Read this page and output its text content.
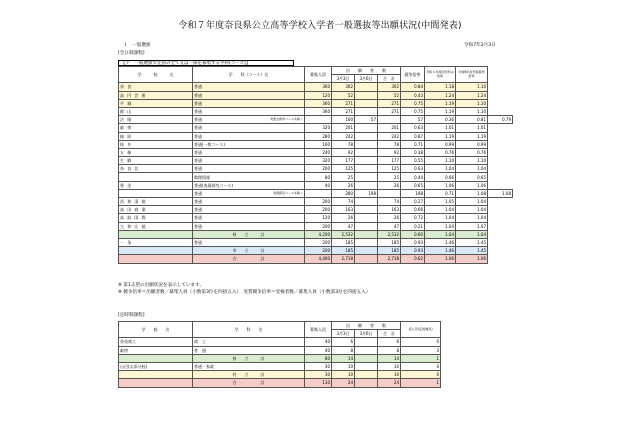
令和７年度奈良県公立高等学校入学者一般選抜等出願状況(中間発表)
１　一般選抜	令和7年2月3日
[全日制課程]
【ア　一般選抜で定員の全て又は一部を募集する学科(コース)】
学　　　校　　　名	学　　科（コース）名	募集人員	出　　願　　者　　数	競争倍率	令和６年度同学科の倍率	令和6年度実質競争倍率
3月3日	3月6日	合　計
奈良	普通	360	302		302	0.84	1.18	1.10
高円芸術	普通	120	52		52	0.43	1.24	1.24
平城	普通	360	271		271	0.75	1.19	1.10
郡山	普通	360	271		271	0.75	1.19	1.10
法隆	普通	英語文教育コースを除く	160	57		57	0.36	0.81	0.79
畝傍	普通	320	201		201	0.63	1.01	1.01
榛原	普通	280	242		242	0.87	1.19	1.19
桜井	普通(一般コース)	160	78		78	0.71	0.99	0.99
五條	普通	240	92		92	0.38	0.76	0.76
生駒	普通	320	177		177	0.55	1.10	1.10
奈良北	普通	200	125		125	0.63	1.04	1.04
	数理情報	80	25		25	0.44	0.66	0.65
香芝	普通(表現探究コース)	40	26		26	0.65	1.06	1.06
	普通	表現探究コースを除く	280	198		198	0.71	1.08	1.08
西和清陵	普通	200	74		74	0.27	1.05	1.04
高田商業	普通	200	163		163	0.66	1.04	1.04
高取国際	普通	120	26		26	0.72	1.04	1.04
大和広陵	普通	200	47		47	0.21	1.04	1.07
	県　　立　　　計	4,200	2,532		2,532	0.60	1.04	1.04
一条	普通	200	185		185	0.93	1.46	1.45
	市　　立　　　計	200	185		185	0.93	1.46	1.45
	合　　　　　　計	4,400	2,718		2,718	0.62	1.06	1.06
※ 第1志望の出願状況を表示しています。
※ 競争倍率＝出願者数／募集人員（小数第3位を四捨五入）　実質競争倍率＝受検者数／募集人員（小数第3位を四捨五入）
[定時制課程]
学　　校　　名	学　　科　　名	募集人員	出　　願　　者　　数			追入学(定員補充)
			3月3日	3月6日	合　計	
奈良商工	商　工	40	6		6	0
畝傍	普　通	40	8		8	3
	県　　立　　　計	80	14		14	1
山辺(山添分校)	普通・家政	30	10		10	0
	村　　立　　　計	30	10		10	0
	合　　　　　　計	110	24		24	1
